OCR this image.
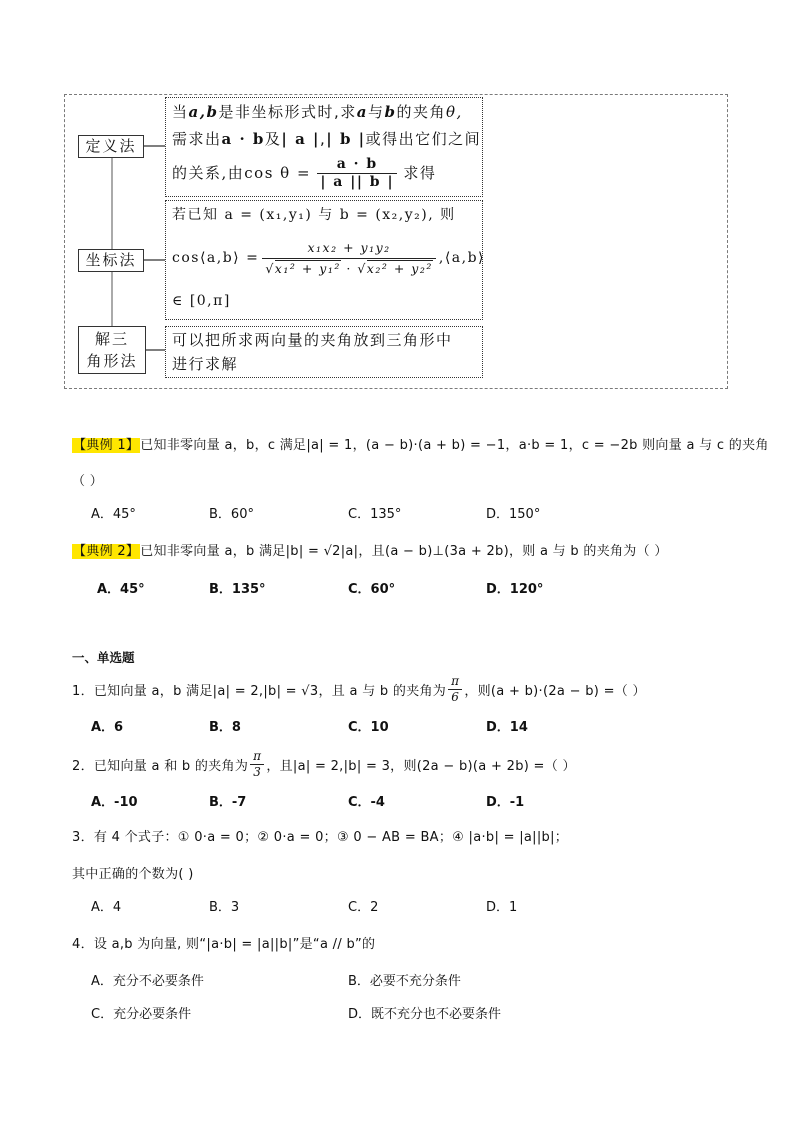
定义法
坐标法
解三
角形法
当a,b是非坐标形式时,求a与b的夹角θ,
需求出a · b及| a |,| b |或得出它们之间
的关系,由$\cos \theta = \frac{a \cdot b}{| a || b |}$ 求得
若已知 a = (x₁,y₁) 与 b = (x₂,y₂), 则
cos⟨a,b⟩ = $\frac{\text{x₁x₂ + y₁y₂}}{\text{√x₁² + y₁² · √x₂² + y₂²}}$ ,⟨a,b⟩
∈ [0,π]
可以把所求两向量的夹角放到三角形中
进行求解
【典例 1】已知非零向量 a，b，c 满足|a| = 1，(a − b)·(a + b) = −1，a·b = 1，c = −2b 则向量 a 与 c 的夹角
（ ）
A．45°	B．60°	C．135°	D．150°
【典例 2】已知非零向量 a，b 满足|b| = √2|a|，且(a − b)⊥(3a + 2b)，则 a 与 b 的夹角为（ ）
A．45°	B．135°	C．60°	D．120°
一、单选题
1．已知向量 a，b 满足|a| = 2,|b| = √3，且 a 与 b 的夹角为 $\frac{\pi}{6}$ ，则(a + b)·(2a − b) =（ ）
A．6	B．8	C．10	D．14
2．已知向量 a 和 b 的夹角为 $\frac{\pi}{3}$ ，且|a| = 2,|b| = 3，则(2a − b)(a + 2b) =（ ）
A．-10	B．-7	C．-4	D．-1
3．有 4 个式子：① 0·a = 0；② 0·a = 0；③ 0 − AB = BA；④ |a·b| = |a||b|；
其中正确的个数为( )
A．4	B．3	C．2	D．1
4．设 a,b 为向量, 则“|a·b| = |a||b|”是“a // b”的
A．充分不必要条件	B．必要不充分条件
C．充分必要条件	D．既不充分也不必要条件
